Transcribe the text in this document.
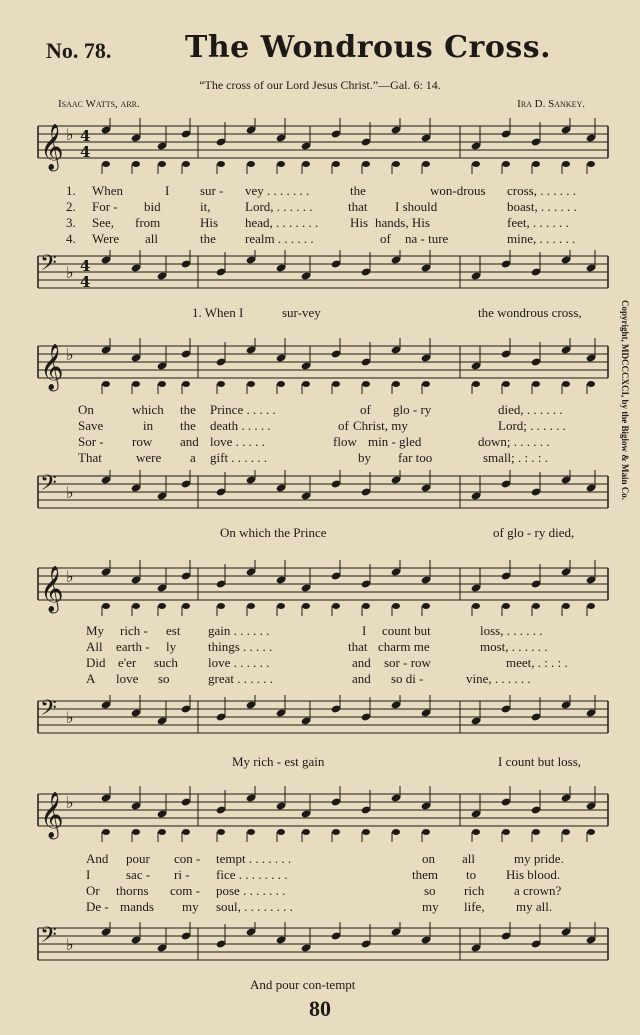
No. 78. The Wondrous Cross.
“The cross of our Lord Jesus Christ.”—Gal. 6: 14.
Isaac Watts, arr.	Ira D. Sankey.
𝄞 ♭ 4
4
1. When	I sur - vey . . . . . . .	the	won-drous cross, . . . . . .
2. For - bid	it,	Lord, . . . . . .	that I should	boast, . . . . . .
3. See, from	His head, . . . . . . . His hands, His	feet, . . . . . .
4. Were all	the realm . . . . . .	of na - ture	mine, . . . . . .
𝄢 ♭ 4
4
1. When I	sur-vey	the wondrous cross,
𝄞 ♭
On	which the Prince . . . . .	of glo - ry	died, . . . . . .
Save	in the death . . . . .	of Christ, my	Lord; . . . . . .
Sor - row and love . . . . .	flow min - gled	down; . . . . . .
That	were a gift . . . . . .	by far too	small; . : . : .
𝄢 ♭
On which the Prince	of glo - ry died,
𝄞 ♭
My rich - est gain . . . . . .	I count but	loss, . . . . . .
All earth - ly things . . . . .	that charm me	most, . . . . . .
Did e'er such love . . . . . .	and sor - row	meet, . : . : .
A love so	great . . . . . .	and so di -	vine, . . . . . .
𝄢 ♭
My rich - est gain	I count but loss,
𝄞 ♭
And pour con - tempt . . . . . . .	on all	my pride.
I	sac - ri - fice . . . . . . . .	them to His blood.
Or thorns com - pose . . . . . . .	so rich a crown?
De - mands my soul, . . . . . . . .	my life, my all.
𝄢 ♭
And pour con-tempt
Copyright, MDCCCXCI, by the Biglow & Main Co.
80
